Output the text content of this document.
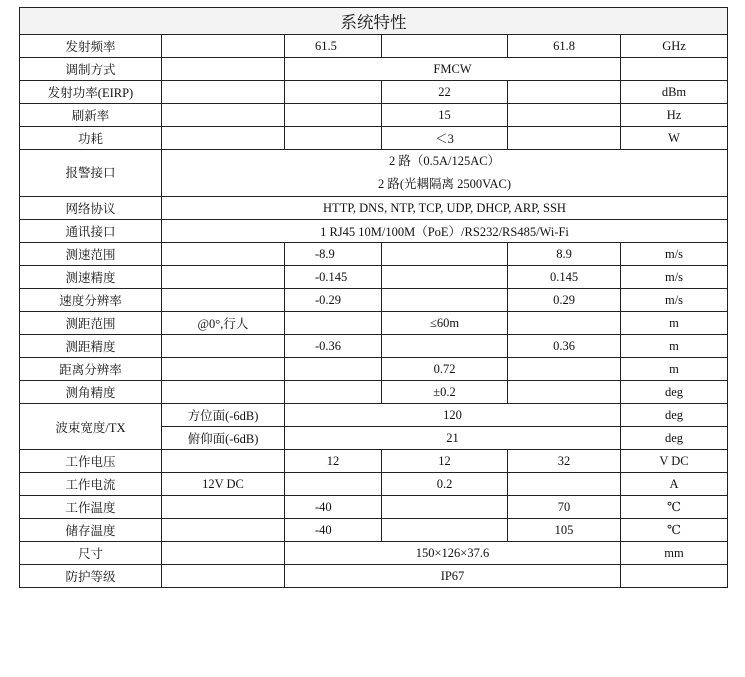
系统特性					
发射频率		61.5		61.8	GHz
调制方式		FMCW			
发射功率(EIRP)			22		dBm
刷新率			15		Hz
功耗			＜3		W
报警接口	2 路（0.5A/125AC）
2 路(光耦隔离 2500VAC)				

网络协议	HTTP, DNS, NTP, TCP, UDP, DHCP, ARP, SSH				
通讯接口	1 RJ45 10M/100M（PoE）/RS232/RS485/Wi-Fi				
测速范围		-8.9		8.9	m/s
测速精度		-0.145		0.145	m/s
速度分辨率		-0.29		0.29	m/s
测距范围	@0°,行人		≤60m		m
测距精度		-0.36		0.36	m
距离分辨率			0.72		m
测角精度			±0.2		deg
波束宽度/TX	方位面(-6dB)	120			deg
	俯仰面(-6dB)	21			deg
工作电压		12	12	32	V DC
工作电流	12V DC		0.2		A
工作温度		-40		70	℃
储存温度		-40		105	℃
尺寸		150×126×37.6			mm
防护等级		IP67			
